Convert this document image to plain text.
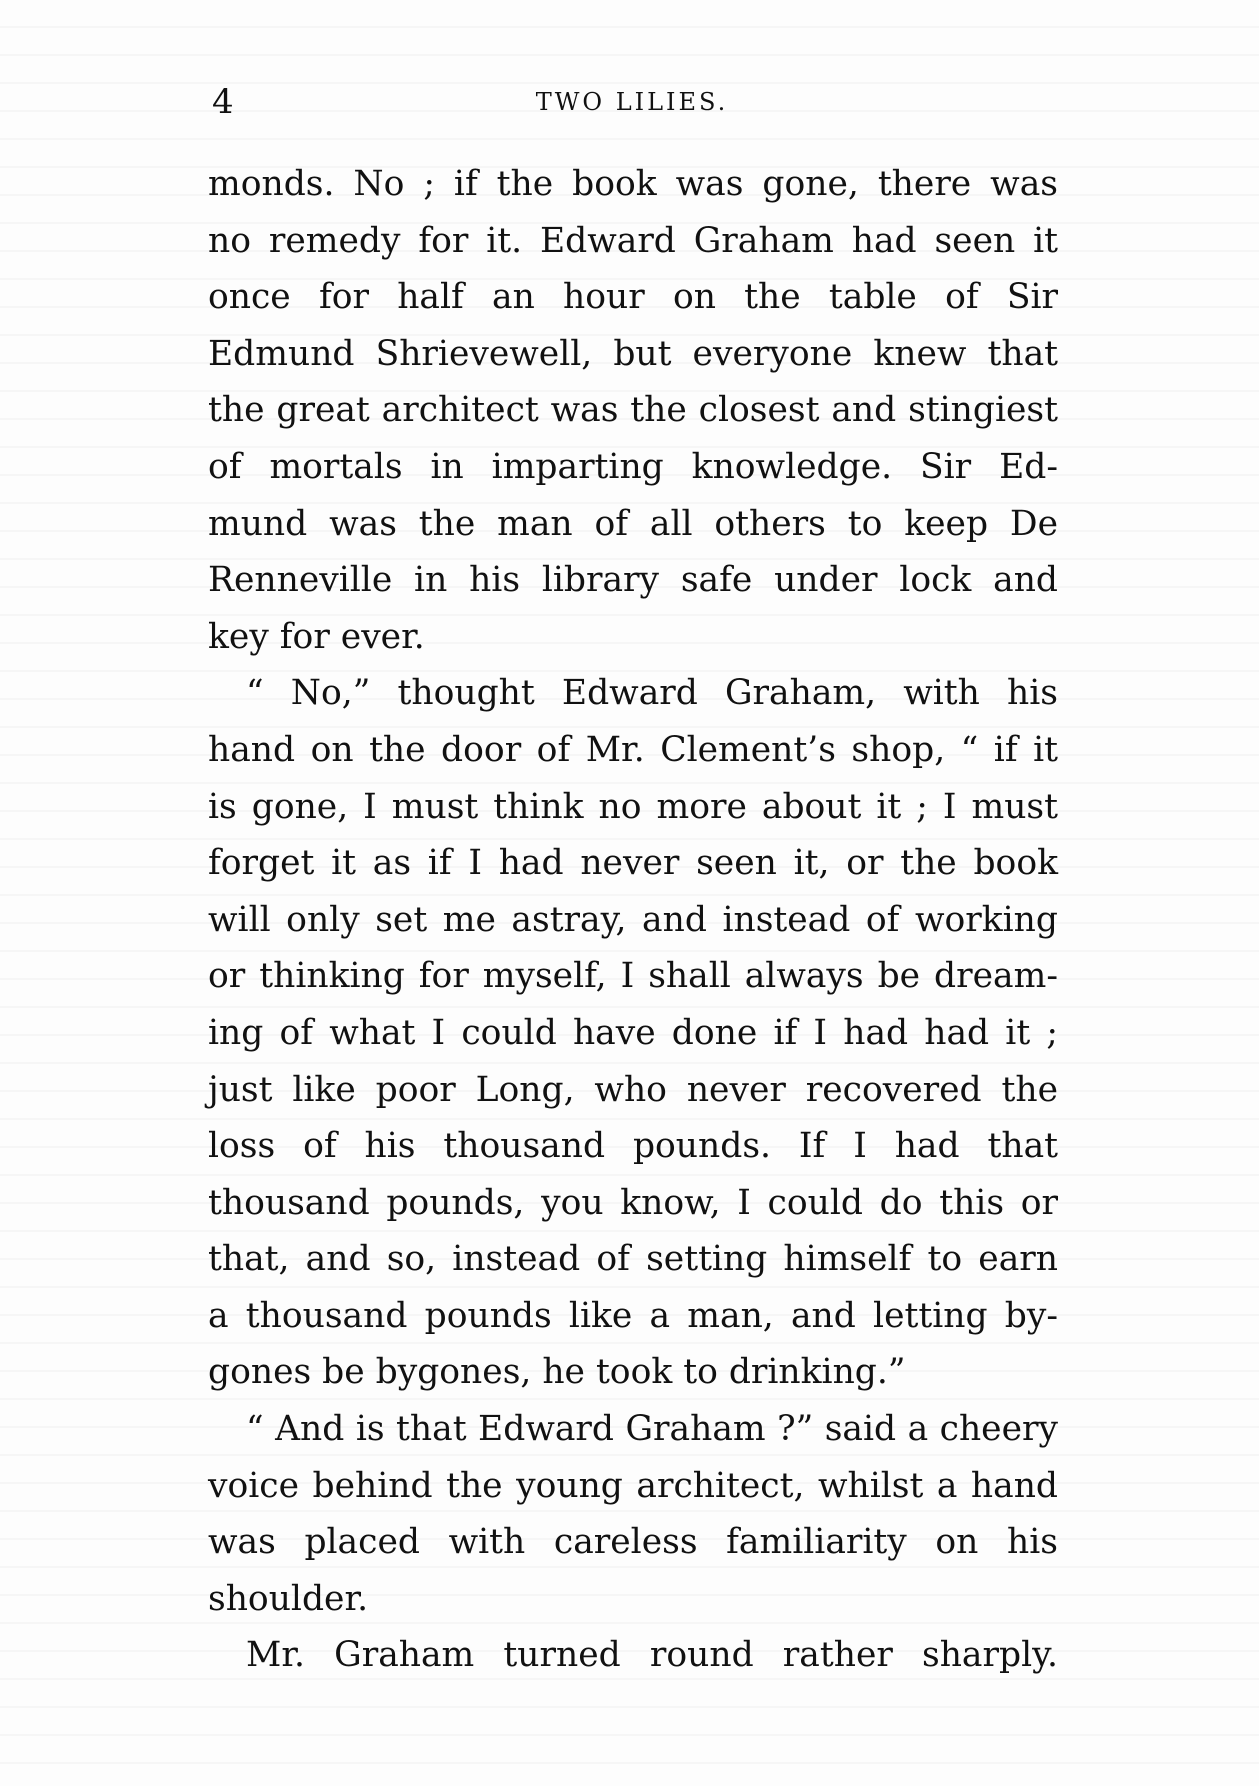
4	TWO LILIES.
monds. No ; if the book was gone, there was
no remedy for it. Edward Graham had seen it
once for half an hour on the table of Sir
Edmund Shrievewell, but everyone knew that
the great architect was the closest and stingiest
of mortals in imparting knowledge. Sir Ed-
mund was the man of all others to keep De
Renneville in his library safe under lock and
key for ever.
“ No,” thought Edward Graham, with his
hand on the door of Mr. Clement’s shop, “ if it
is gone, I must think no more about it ; I must
forget it as if I had never seen it, or the book
will only set me astray, and instead of working
or thinking for myself, I shall always be dream-
ing of what I could have done if I had had it ;
just like poor Long, who never recovered the
loss of his thousand pounds. If I had that
thousand pounds, you know, I could do this or
that, and so, instead of setting himself to earn
a thousand pounds like a man, and letting by-
gones be bygones, he took to drinking.”
“ And is that Edward Graham ?” said a cheery
voice behind the young architect, whilst a hand
was placed with careless familiarity on his
shoulder.
Mr. Graham turned round rather sharply.
